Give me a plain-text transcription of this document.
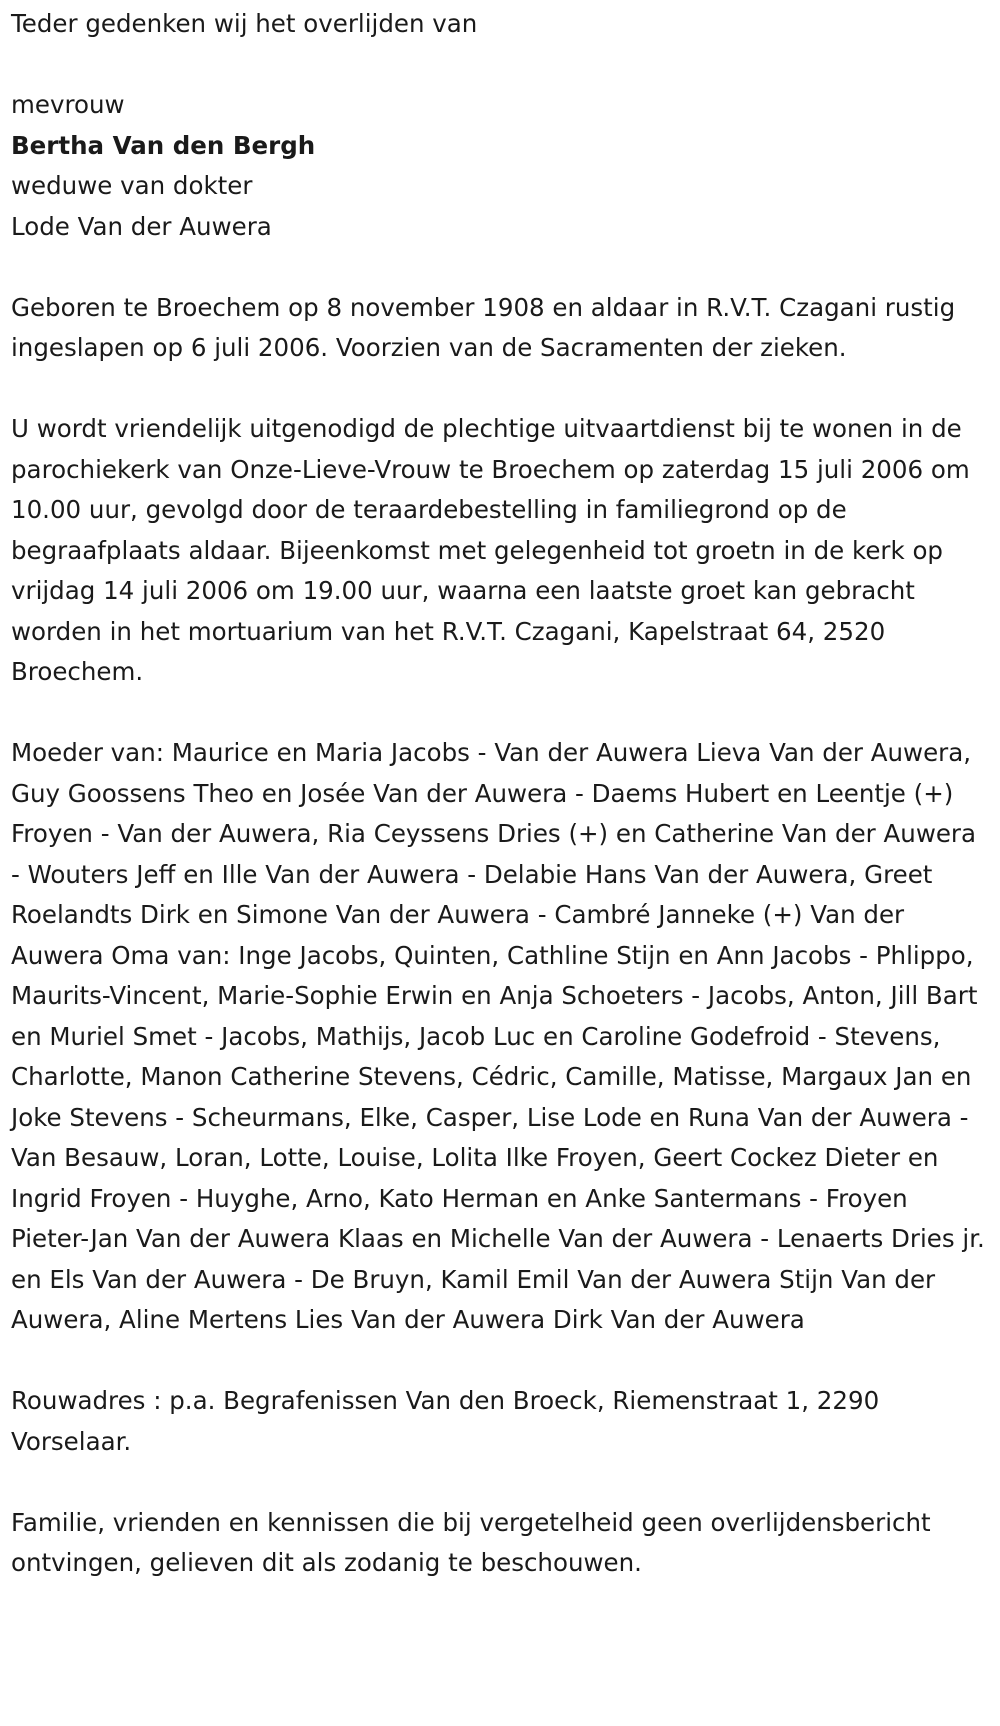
Teder gedenken wij het overlijden van

mevrouw

Bertha Van den Bergh

weduwe van dokter

Lode Van der Auwera

Geboren te Broechem op 8 november 1908 en aldaar in R.V.T. Czagani rustig ingeslapen op 6 juli 2006. Voorzien van de Sacramenten der zieken.

U wordt vriendelijk uitgenodigd de plechtige uitvaartdienst bij te wonen in de parochiekerk van Onze-Lieve-Vrouw te Broechem op zaterdag 15 juli 2006 om 10.00 uur, gevolgd door de teraardebestelling in familiegrond op de begraafplaats aldaar. Bijeenkomst met gelegenheid tot groetn in de kerk op vrijdag 14 juli 2006 om 19.00 uur, waarna een laatste groet kan gebracht worden in het mortuarium van het R.V.T. Czagani, Kapelstraat 64, 2520 Broechem.

Moeder van: Maurice en Maria Jacobs - Van der Auwera Lieva Van der Auwera, Guy Goossens Theo en Josée Van der Auwera - Daems Hubert en Leentje (+) Froyen - Van der Auwera, Ria Ceyssens Dries (+) en Catherine Van der Auwera - Wouters Jeff en Ille Van der Auwera - Delabie Hans Van der Auwera, Greet Roelandts Dirk en Simone Van der Auwera - Cambré Janneke (+) Van der Auwera Oma van: Inge Jacobs, Quinten, Cathline Stijn en Ann Jacobs - Phlippo, Maurits-Vincent, Marie-Sophie Erwin en Anja Schoeters - Jacobs, Anton, Jill Bart en Muriel Smet - Jacobs, Mathijs, Jacob Luc en Caroline Godefroid - Stevens, Charlotte, Manon Catherine Stevens, Cédric, Camille, Matisse, Margaux Jan en Joke Stevens - Scheurmans, Elke, Casper, Lise Lode en Runa Van der Auwera - Van Besauw, Loran, Lotte, Louise, Lolita Ilke Froyen, Geert Cockez Dieter en Ingrid Froyen - Huyghe, Arno, Kato Herman en Anke Santermans - Froyen Pieter-Jan Van der Auwera Klaas en Michelle Van der Auwera - Lenaerts Dries jr. en Els Van der Auwera - De Bruyn, Kamil Emil Van der Auwera Stijn Van der Auwera, Aline Mertens Lies Van der Auwera Dirk Van der Auwera

Rouwadres : p.a. Begrafenissen Van den Broeck, Riemenstraat 1, 2290 Vorselaar.

Familie, vrienden en kennissen die bij vergetelheid geen overlijdensbericht ontvingen, gelieven dit als zodanig te beschouwen.
